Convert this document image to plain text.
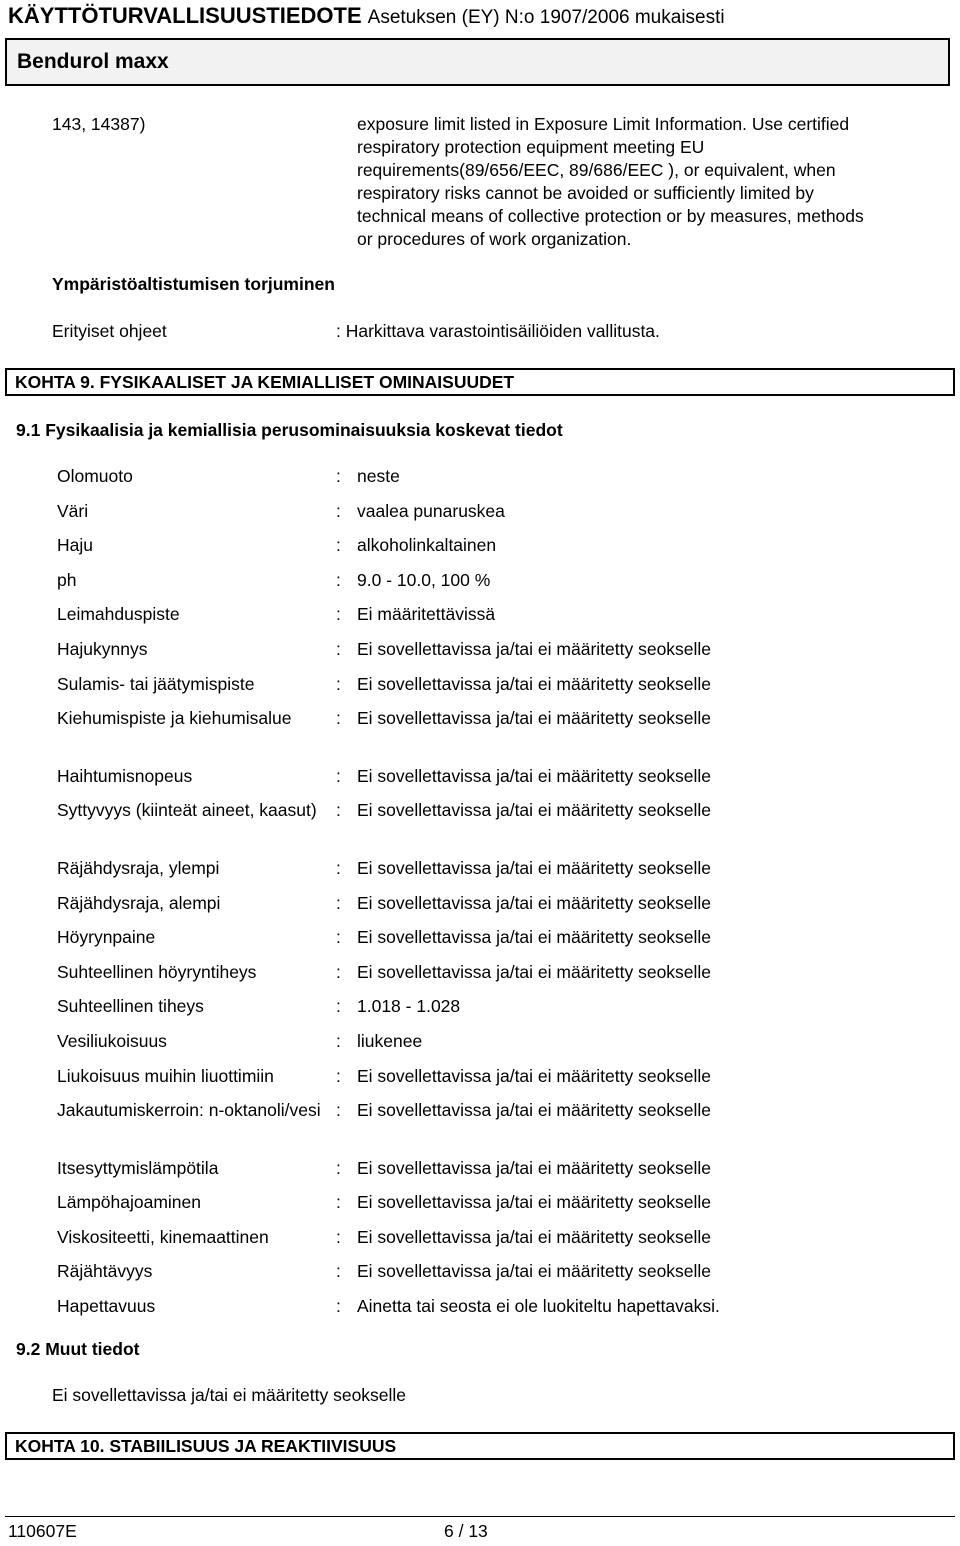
KÄYTTÖTURVALLISUUSTIEDOTE Asetuksen (EY) N:o 1907/2006 mukaisesti
Bendurol maxx
143, 14387)	exposure limit listed in Exposure Limit Information. Use certified
respiratory protection equipment meeting EU
requirements(89/656/EEC, 89/686/EEC ), or equivalent, when
respiratory risks cannot be avoided or sufficiently limited by
technical means of collective protection or by measures, methods
or procedures of work organization.
Ympäristöaltistumisen torjuminen
Erityiset ohjeet	: Harkittava varastointisäiliöiden vallitusta.
KOHTA 9. FYSIKAALISET JA KEMIALLISET OMINAISUUDET
9.1 Fysikaalisia ja kemiallisia perusominaisuuksia koskevat tiedot
Olomuoto	: neste
Väri	: vaalea punaruskea
Haju	: alkoholinkaltainen
ph	: 9.0 - 10.0, 100 %
Leimahduspiste	: Ei määritettävissä
Hajukynnys	: Ei sovellettavissa ja/tai ei määritetty seokselle
Sulamis- tai jäätymispiste	: Ei sovellettavissa ja/tai ei määritetty seokselle
Kiehumispiste ja kiehumisalue	: Ei sovellettavissa ja/tai ei määritetty seokselle
Haihtumisnopeus	: Ei sovellettavissa ja/tai ei määritetty seokselle
Syttyvyys (kiinteät aineet, kaasut)	: Ei sovellettavissa ja/tai ei määritetty seokselle
Räjähdysraja, ylempi	: Ei sovellettavissa ja/tai ei määritetty seokselle
Räjähdysraja, alempi	: Ei sovellettavissa ja/tai ei määritetty seokselle
Höyrynpaine	: Ei sovellettavissa ja/tai ei määritetty seokselle
Suhteellinen höyryntiheys	: Ei sovellettavissa ja/tai ei määritetty seokselle
Suhteellinen tiheys	: 1.018 - 1.028
Vesiliukoisuus	: liukenee
Liukoisuus muihin liuottimiin	: Ei sovellettavissa ja/tai ei määritetty seokselle
Jakautumiskerroin: n-oktanoli/vesi : Ei sovellettavissa ja/tai ei määritetty seokselle
Itsesyttymislämpötila	: Ei sovellettavissa ja/tai ei määritetty seokselle
Lämpöhajoaminen	: Ei sovellettavissa ja/tai ei määritetty seokselle
Viskositeetti, kinemaattinen	: Ei sovellettavissa ja/tai ei määritetty seokselle
Räjähtävyys	: Ei sovellettavissa ja/tai ei määritetty seokselle
Hapettavuus	: Ainetta tai seosta ei ole luokiteltu hapettavaksi.
9.2 Muut tiedot
Ei sovellettavissa ja/tai ei määritetty seokselle
KOHTA 10. STABIILISUUS JA REAKTIIVISUUS
110607E	6 / 13
